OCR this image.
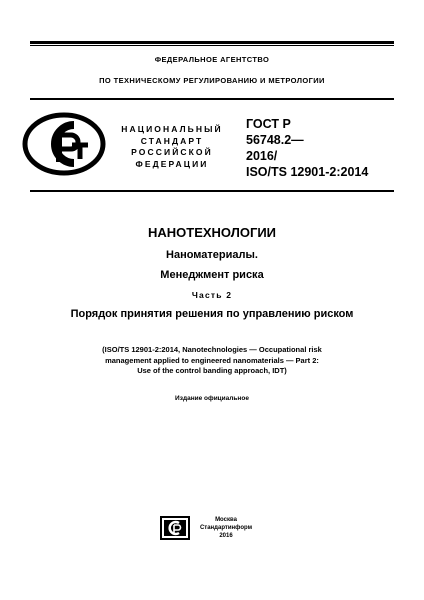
ФЕДЕРАЛЬНОЕ АГЕНТСТВО
ПО ТЕХНИЧЕСКОМУ РЕГУЛИРОВАНИЮ И МЕТРОЛОГИИ
НАЦИОНАЛЬНЫЙ
СТАНДАРТ
РОССИЙСКОЙ
ФЕДЕРАЦИИ
ГОСТ Р
56748.2—
2016/
ISO/TS 12901-2:2014
НАНОТЕХНОЛОГИИ
Наноматериалы.
Менеджмент риска
Часть 2
Порядок принятия решения по управлению риском
(ISO/TS 12901-2:2014, Nanotechnologies — Occupational risk
management applied to engineered nanomaterials — Part 2:
Use of the control banding approach, IDT)
Издание официальное
Москва
Стандартинформ
2016
